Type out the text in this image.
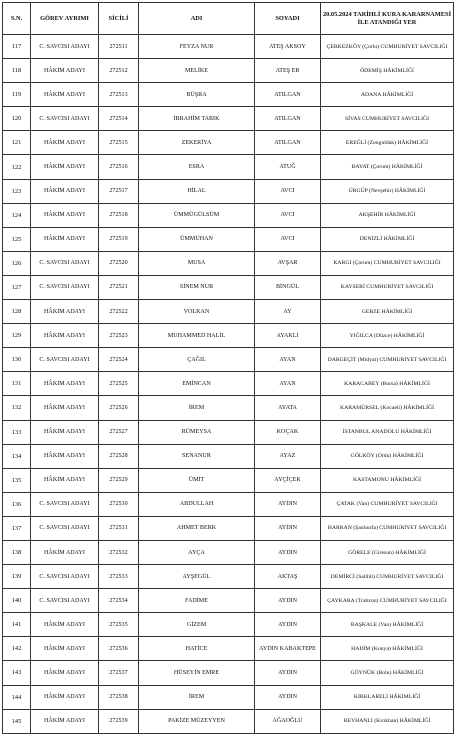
S.N.	GÖREV AYRIMI	SİCİLİ	ADI	SOYADI	20.05.2024 TARİHLİ KURA KARARNAMESİ İLE ATANDIĞI YER
117	C. SAVCISI ADAYI	272511	FEYZA NUR	ATEŞ AKSOY	ÇERKEZKÖY (Çorlu) CUMHURİYET SAVCILIĞI
118	HÂKİM ADAYI	272512	MELİKE	ATEŞ ER	ÖDEMİŞ HÂKİMLİĞİ
119	HÂKİM ADAYI	272513	BÜŞRA	ATILGAN	ADANA HÂKİMLİĞİ
120	C. SAVCISI ADAYI	272514	İBRAHİM TARIK	ATILGAN	SİVAS CUMHURİYET SAVCILIĞI
121	HÂKİM ADAYI	272515	ZEKERİYA	ATILGAN	EREĞLİ (Zonguldak) HÂKİMLİĞİ
122	HÂKİM ADAYI	272516	ESRA	ATUĞ	BAYAT (Çorum) HÂKİMLİĞİ
123	HÂKİM ADAYI	272517	HİLAL	AVCI	ÜRGÜP (Nevşehir) HÂKİMLİĞİ
124	HÂKİM ADAYI	272518	ÜMMÜGÜLSÜM	AVCI	AKŞEHİR HÂKİMLİĞİ
125	HÂKİM ADAYI	272519	ÜMMÜHAN	AVCI	DENİZLİ HÂKİMLİĞİ
126	C. SAVCISI ADAYI	272520	MUSA	AVŞAR	KARGI (Çorum) CUMHURİYET SAVCILIĞI
127	C. SAVCISI ADAYI	272521	SİNEM NUR	BİNGÜL	KAYSERİ CUMHURİYET SAVCILIĞI
128	HÂKİM ADAYI	272522	VOLKAN	AY	GEBZE HÂKİMLİĞİ
129	HÂKİM ADAYI	272523	MUHAMMED HALİL	AYAKLI	YIĞILCA (Düzce) HÂKİMLİĞİ
130	C. SAVCISI ADAYI	272524	ÇAĞIL	AYAN	DARGEÇİT (Midyat) CUMHURİYET SAVCILIĞI
131	HÂKİM ADAYI	272525	EMİNCAN	AYAN	KARACABEY (Bursa) HÂKİMLİĞİ
132	HÂKİM ADAYI	272526	İREM	AYATA	KARAMÜRSEL (Kocaeli) HÂKİMLİĞİ
133	HÂKİM ADAYI	272527	RÜMEYSA	KOÇAK	İSTANBUL ANADOLU HÂKİMLİĞİ
134	HÂKİM ADAYI	272528	SENANUR	AYAZ	GÖLKÖY (Ordu) HÂKİMLİĞİ
135	HÂKİM ADAYI	272529	ÜMİT	AYÇİÇEK	KASTAMONU HÂKİMLİĞİ
136	C. SAVCISI ADAYI	272530	ABDULLAH	AYDIN	ÇATAK (Van) CUMHURİYET SAVCILIĞI
137	C. SAVCISI ADAYI	272531	AHMET BERK	AYDIN	HARRAN (Şanlıurfa) CUMHURİYET SAVCILIĞI
138	HÂKİM ADAYI	272532	AYÇA	AYDIN	GÖRELE (Giresun) HÂKİMLİĞİ
139	C. SAVCISI ADAYI	272533	AYŞEGÜL	AKTAŞ	DEMİRCİ (Salihli) CUMHURİYET SAVCILIĞI
140	C. SAVCISI ADAYI	272534	FADİME	AYDIN	ÇAYKARA (Trabzon) CUMHURİYET SAVCILIĞI
141	HÂKİM ADAYI	272535	GİZEM	AYDIN	BAŞKALE (Van) HÂKİMLİĞİ
142	HÂKİM ADAYI	272536	HATİCE	AYDIN KABAKTEPE	HADİM (Konya) HÂKİMLİĞİ
143	HÂKİM ADAYI	272537	HÜSEYİN EMRE	AYDIN	GÖYNÜK (Bolu) HÂKİMLİĞİ
144	HÂKİM ADAYI	272538	İREM	AYDIN	KIRKLARELİ HÂKİMLİĞİ
145	HÂKİM ADAYI	272539	PAKİZE MÜZEYYEN	AĞAOĞLU	REYHANLI (Kırıkhan) HÂKİMLİĞİ
